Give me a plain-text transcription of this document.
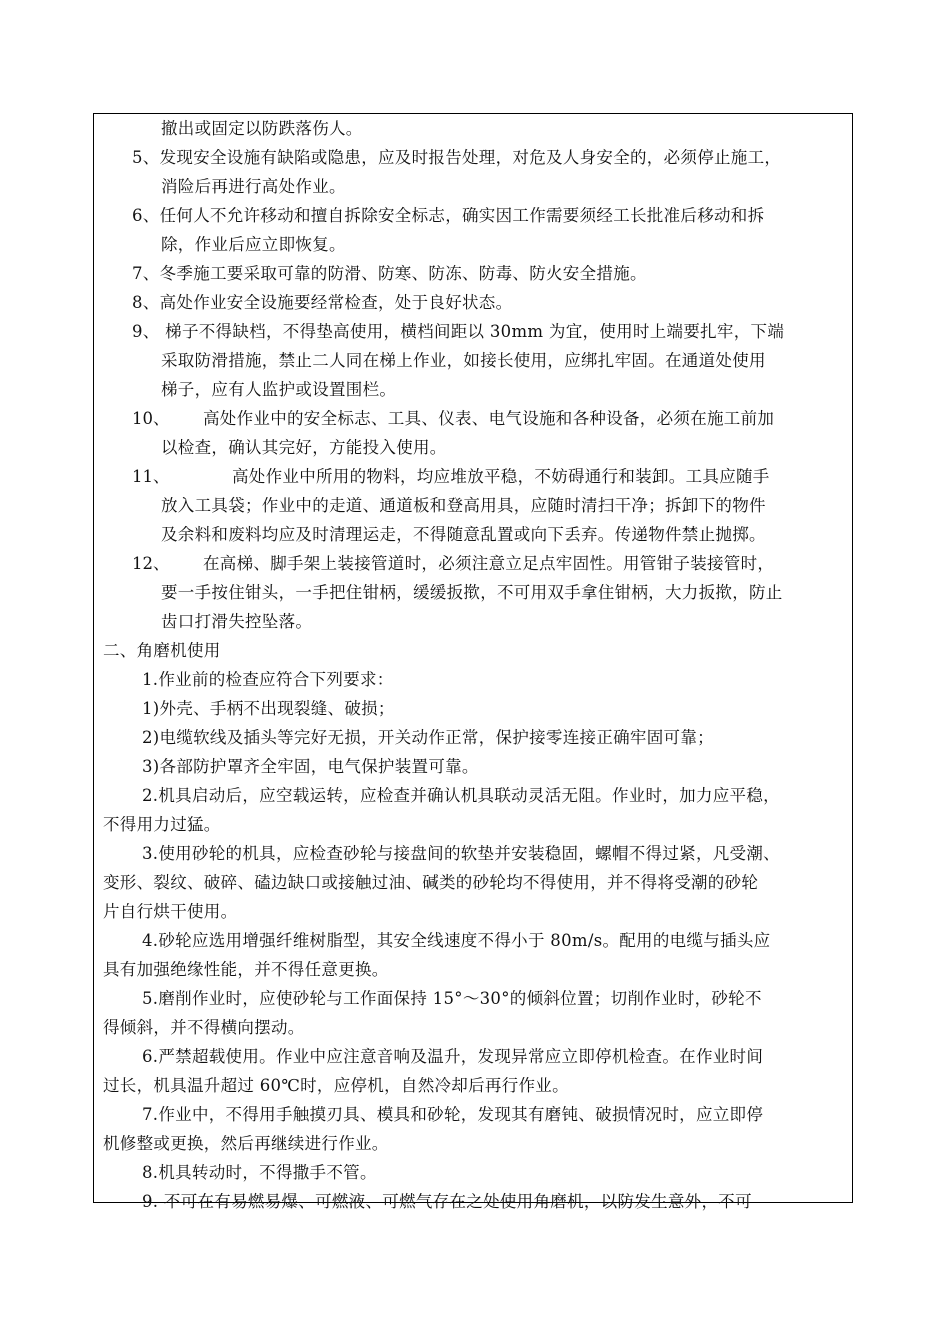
撤出或固定以防跌落伤人。
5、发现安全设施有缺陷或隐患，应及时报告处理，对危及人身安全的，必须停止施工，
消险后再进行高处作业。
6、任何人不允许移动和擅自拆除安全标志，确实因工作需要须经工长批准后移动和拆
除，作业后应立即恢复。
7、冬季施工要采取可靠的防滑、防寒、防冻、防毒、防火安全措施。
8、高处作业安全设施要经常检查，处于良好状态。
9、 梯子不得缺档，不得垫高使用，横档间距以 30mm 为宜，使用时上端要扎牢，下端
采取防滑措施，禁止二人同在梯上作业，如接长使用，应绑扎牢固。在通道处使用
梯子，应有人监护或设置围栏。
10、 高处作业中的安全标志、工具、仪表、电气设施和各种设备，必须在施工前加
以检查，确认其完好，方能投入使用。
11、	高处作业中所用的物料，均应堆放平稳，不妨碍通行和装卸。工具应随手
放入工具袋；作业中的走道、通道板和登高用具，应随时清扫干净；拆卸下的物件
及余料和废料均应及时清理运走，不得随意乱置或向下丢弃。传递物件禁止抛掷。
12、 在高梯、脚手架上装接管道时，必须注意立足点牢固性。用管钳子装接管时，
要一手按住钳头，一手把住钳柄，缓缓扳揿，不可用双手拿住钳柄，大力扳揿，防止
齿口打滑失控坠落。
二、角磨机使用
1.作业前的检查应符合下列要求：
1)外壳、手柄不出现裂缝、破损；
2)电缆软线及插头等完好无损，开关动作正常，保护接零连接正确牢固可靠；
3)各部防护罩齐全牢固，电气保护装置可靠。
2.机具启动后，应空载运转，应检查并确认机具联动灵活无阻。作业时，加力应平稳，
不得用力过猛。
3.使用砂轮的机具，应检查砂轮与接盘间的软垫并安装稳固，螺帽不得过紧，凡受潮、
变形、裂纹、破碎、磕边缺口或接触过油、碱类的砂轮均不得使用，并不得将受潮的砂轮
片自行烘干使用。
4.砂轮应选用增强纤维树脂型，其安全线速度不得小于 80m/s。配用的电缆与插头应
具有加强绝缘性能，并不得任意更换。
5.磨削作业时，应使砂轮与工作面保持 15°～30°的倾斜位置；切削作业时，砂轮不
得倾斜，并不得横向摆动。
6.严禁超载使用。作业中应注意音响及温升，发现异常应立即停机检查。在作业时间
过长，机具温升超过 60℃时，应停机，自然冷却后再行作业。
7.作业中，不得用手触摸刃具、模具和砂轮，发现其有磨钝、破损情况时，应立即停
机修整或更换，然后再继续进行作业。
8.机具转动时，不得撒手不管。
9. 不可在有易燃易爆、可燃液、可燃气存在之处使用角磨机，以防发生意外，不可
